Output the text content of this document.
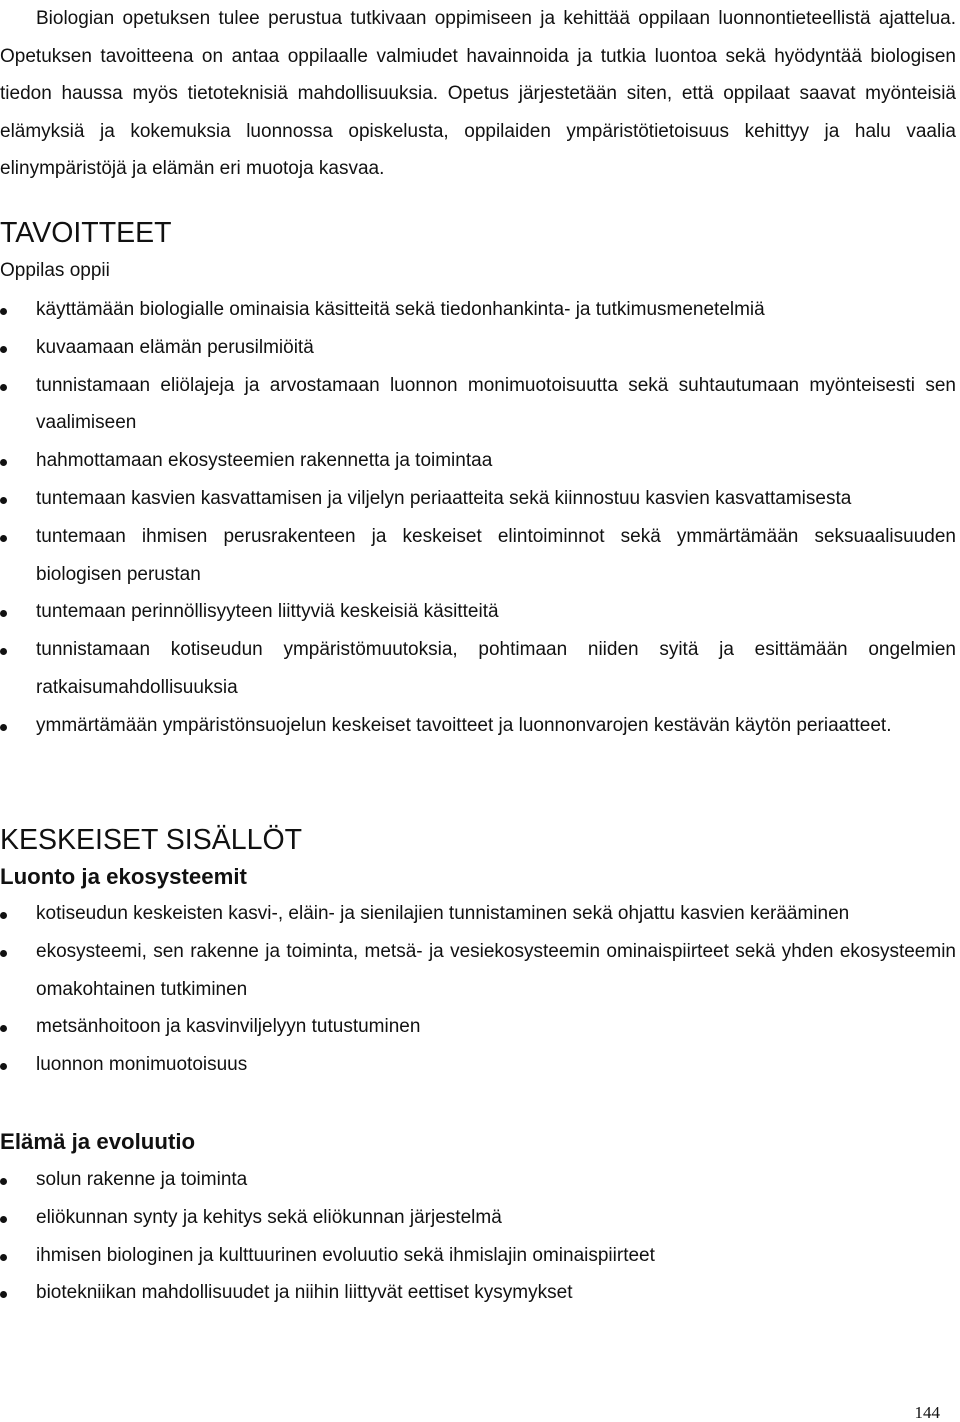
Biologian opetuksen tulee perustua tutkivaan oppimiseen ja kehittää oppilaan luonnontieteellistä ajattelua. Opetuksen tavoitteena on antaa oppilaalle valmiudet havainnoida ja tutkia luontoa sekä hyödyntää biologisen tiedon haussa myös tietoteknisiä mahdollisuuksia. Opetus järjestetään siten, että oppilaat saavat myönteisiä elämyksiä ja kokemuksia luonnossa opiskelusta, oppilaiden ympäristötietoisuus kehittyy ja halu vaalia elinympäristöjä ja elämän eri muotoja kasvaa.

TAVOITTEET

Oppilas oppii

käyttämään biologialle ominaisia käsitteitä sekä tiedonhankinta- ja tutkimusmenetelmiä
kuvaamaan elämän perusilmiöitä
tunnistamaan eliölajeja ja arvostamaan luonnon monimuotoisuutta sekä suhtautumaan myönteisesti sen vaalimiseen
hahmottamaan ekosysteemien rakennetta ja toimintaa
tuntemaan kasvien kasvattamisen ja viljelyn periaatteita sekä kiinnostuu kasvien kasvattamisesta
tuntemaan ihmisen perusrakenteen ja keskeiset elintoiminnot sekä ymmärtämään seksuaalisuuden biologisen perustan
tuntemaan perinnöllisyyteen liittyviä keskeisiä käsitteitä
tunnistamaan kotiseudun ympäristömuutoksia, pohtimaan niiden syitä ja esittämään ongelmien ratkaisumahdollisuuksia
ymmärtämään ympäristönsuojelun keskeiset tavoitteet ja luonnonvarojen kestävän käytön periaatteet.
KESKEISET SISÄLLÖT
Luonto ja ekosysteemit
kotiseudun keskeisten kasvi-, eläin- ja sienilajien tunnistaminen sekä ohjattu kasvien kerääminen
ekosysteemi, sen rakenne ja toiminta, metsä- ja vesiekosysteemin ominaispiirteet sekä yhden ekosysteemin omakohtainen tutkiminen
metsänhoitoon ja kasvinviljelyyn tutustuminen
luonnon monimuotoisuus
Elämä ja evoluutio
solun rakenne ja toiminta
eliökunnan synty ja kehitys sekä eliökunnan järjestelmä
ihmisen biologinen ja kulttuurinen evoluutio sekä ihmislajin ominaispiirteet
biotekniikan mahdollisuudet ja niihin liittyvät eettiset kysymykset
144
